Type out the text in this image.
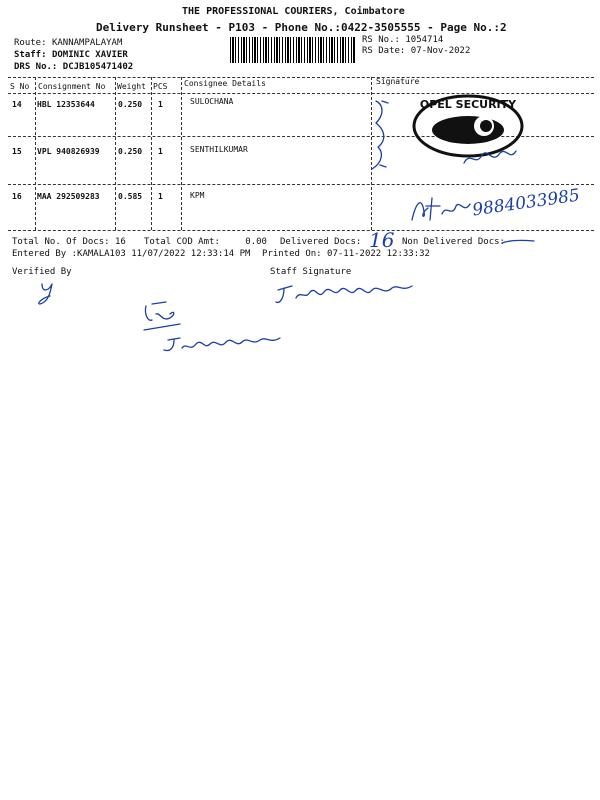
THE PROFESSIONAL COURIERS, Coimbatore
Delivery Runsheet - P103 - Phone No.:0422-3505555 - Page No.:2
Route: KANNAMPALAYAM
Staff: DOMINIC XAVIER
DRS No.: DCJB105471402
RS No.: 1054714
RS Date: 07-Nov-2022
S No Consignment No Weight PCS Consignee Details	Signature
14 HBL 12353644	0.250 1	SULOCHANA
15 VPL 940826939 0.250 1	SENTHILKUMAR
16 MAA 292509283 0.585 1	KPM
OPEL SECURITY
9884033985
Total No. Of Docs: 16 Total COD Amt:	0.00 Delivered Docs: 16 Non Delivered Docs:
Entered By :KAMALA103 11/07/2022 12:33:14 PM Printed On: 07-11-2022 12:33:32
Verified By	Staff Signature
